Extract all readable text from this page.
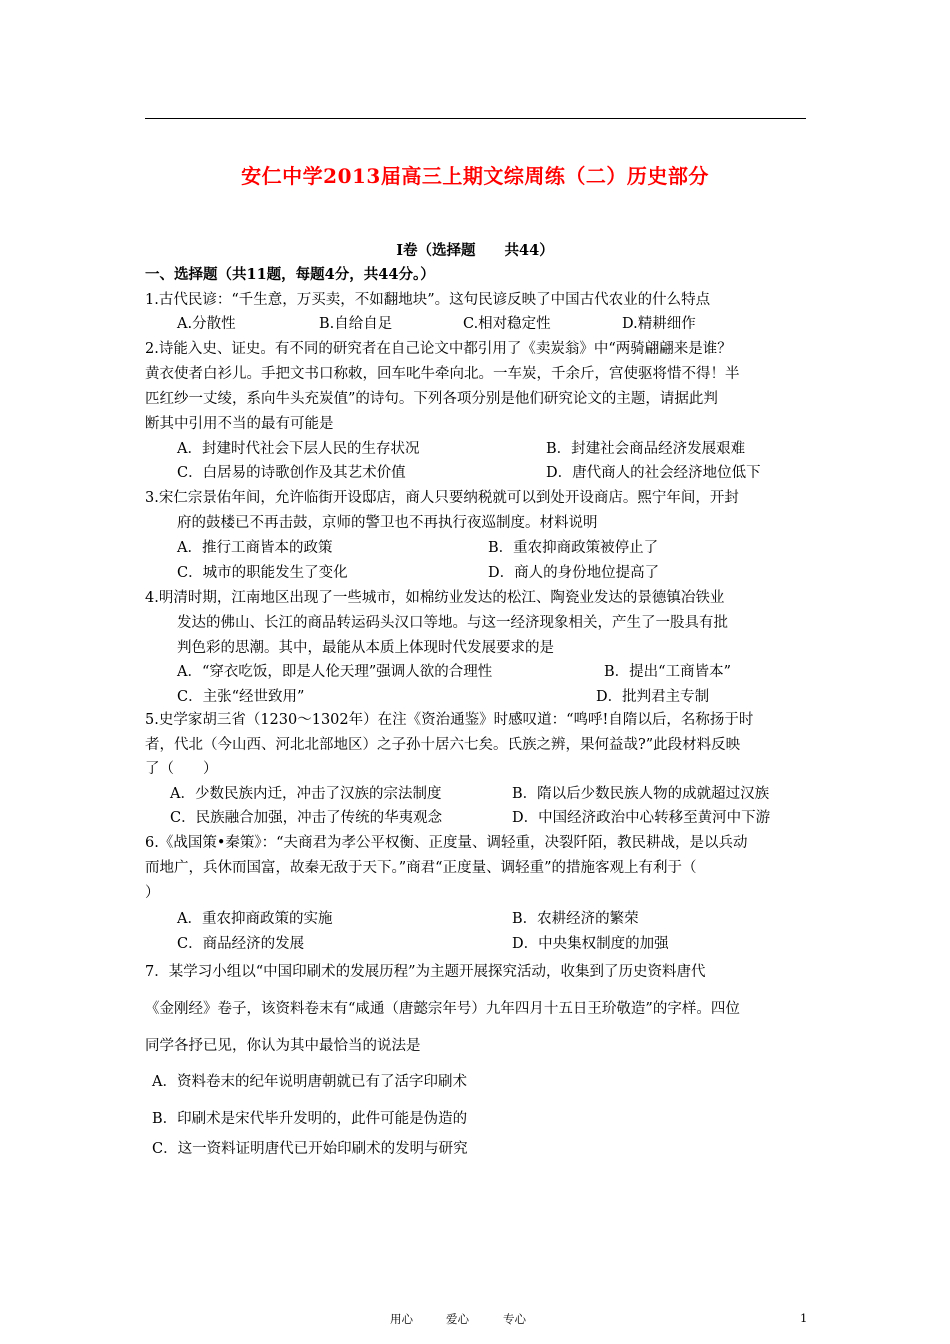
安仁中学2013届高三上期文综周练（二）历史部分
Ⅰ卷（选择题　　共44）
一、选择题（共11题，每题4分，共44分。）
1.古代民谚：“千生意，万买卖，不如翻地块”。这句民谚反映了中国古代农业的什么特点
A.分散性	B.自给自足	C.相对稳定性	D.精耕细作
2.诗能入史、证史。有不同的研究者在自己论文中都引用了《卖炭翁》中“两骑翩翩来是谁？
黄衣使者白衫儿。手把文书口称敕，回车叱牛牵向北。一车炭，千余斤，宫使驱将惜不得！半
匹红纱一丈绫，系向牛头充炭值”的诗句。下列各项分别是他们研究论文的主题，请据此判
断其中引用不当的最有可能是
A．封建时代社会下层人民的生存状况	B．封建社会商品经济发展艰难
C．白居易的诗歌创作及其艺术价值	D．唐代商人的社会经济地位低下
3.宋仁宗景佑年间，允许临街开设邸店，商人只要纳税就可以到处开设商店。熙宁年间，开封
府的鼓楼已不再击鼓，京师的警卫也不再执行夜巡制度。材料说明
A．推行工商皆本的政策	B．重农抑商政策被停止了
C．城市的职能发生了变化	D．商人的身份地位提高了
4.明清时期，江南地区出现了一些城市，如棉纺业发达的松江、陶瓷业发达的景德镇冶铁业
发达的佛山、长江的商品转运码头汉口等地。与这一经济现象相关，产生了一股具有批
判色彩的思潮。其中，最能从本质上体现时代发展要求的是
A．“穿衣吃饭，即是人伦天理”强调人欲的合理性	B．提出“工商皆本”
C．主张“经世致用”	D．批判君主专制
5.史学家胡三省（1230～1302年）在注《资治通鉴》时感叹道：“鸣呼!自隋以后，名称扬于时
者，代北（今山西、河北北部地区）之子孙十居六七矣。氏族之辨，果何益哉?”此段材料反映
了（　　）
A．少数民族内迁，冲击了汉族的宗法制度	B．隋以后少数民族人物的成就超过汉族
C．民族融合加强，冲击了传统的华夷观念	D．中国经济政治中心转移至黄河中下游
6.《战国策•秦策》：“夫商君为孝公平权衡、正度量、调轻重，决裂阡陌，教民耕战，是以兵动
而地广，兵休而国富，故秦无敌于天下。”商君“正度量、调轻重”的措施客观上有利于（
）
A．重农抑商政策的实施	B．农耕经济的繁荣
C．商品经济的发展	D．中央集权制度的加强
7．某学习小组以“中国印刷术的发展历程”为主题开展探究活动，收集到了历史资料唐代
《金刚经》卷子，该资料卷末有“咸通（唐懿宗年号）九年四月十五日王玠敬造”的字样。四位
同学各抒已见，你认为其中最恰当的说法是
A．资料卷末的纪年说明唐朝就已有了活字印刷术
B．印刷术是宋代毕升发明的，此件可能是伪造的
C．这一资料证明唐代已开始印刷术的发明与研究
用心	爱心	专心	1
